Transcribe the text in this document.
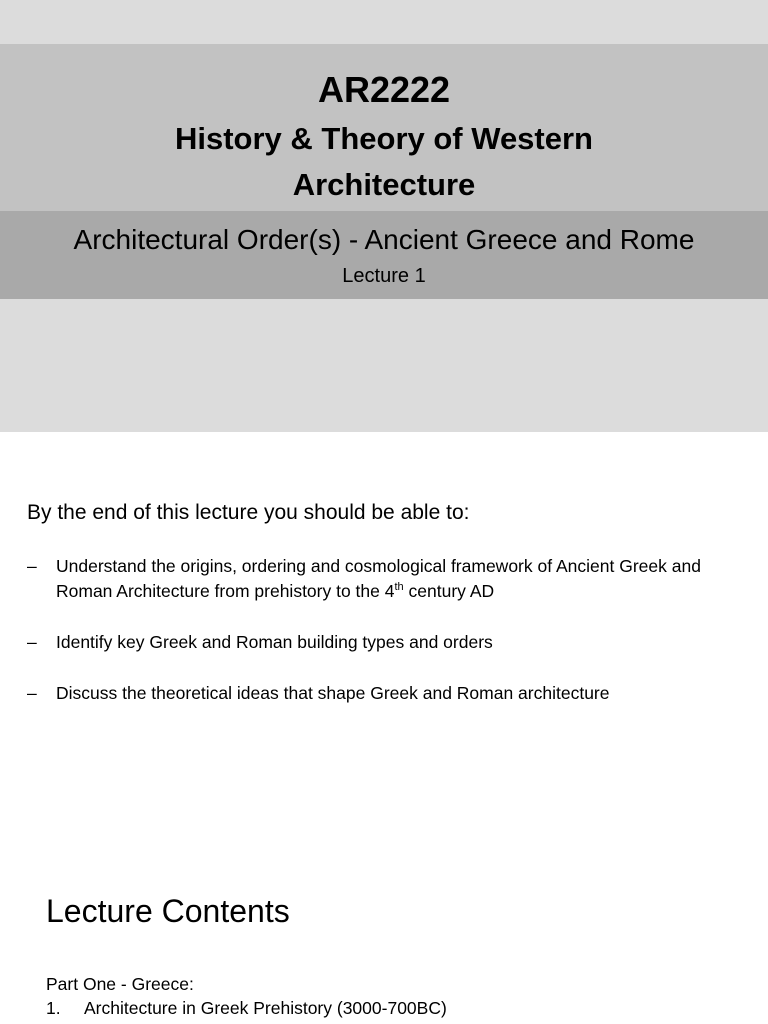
AR2222
History & Theory of Western Architecture

Architectural Order(s) - Ancient Greece and Rome

Lecture 1

By the end of this lecture you should be able to:

– Understand the origins, ordering and cosmological framework of Ancient Greek and Roman Architecture from prehistory to the 4th century AD
– Identify key Greek and Roman building types and orders
– Discuss the theoretical ideas that shape Greek and Roman architecture
Lecture Contents

Part One - Greece:

1. Architecture in Greek Prehistory (3000-700BC)
